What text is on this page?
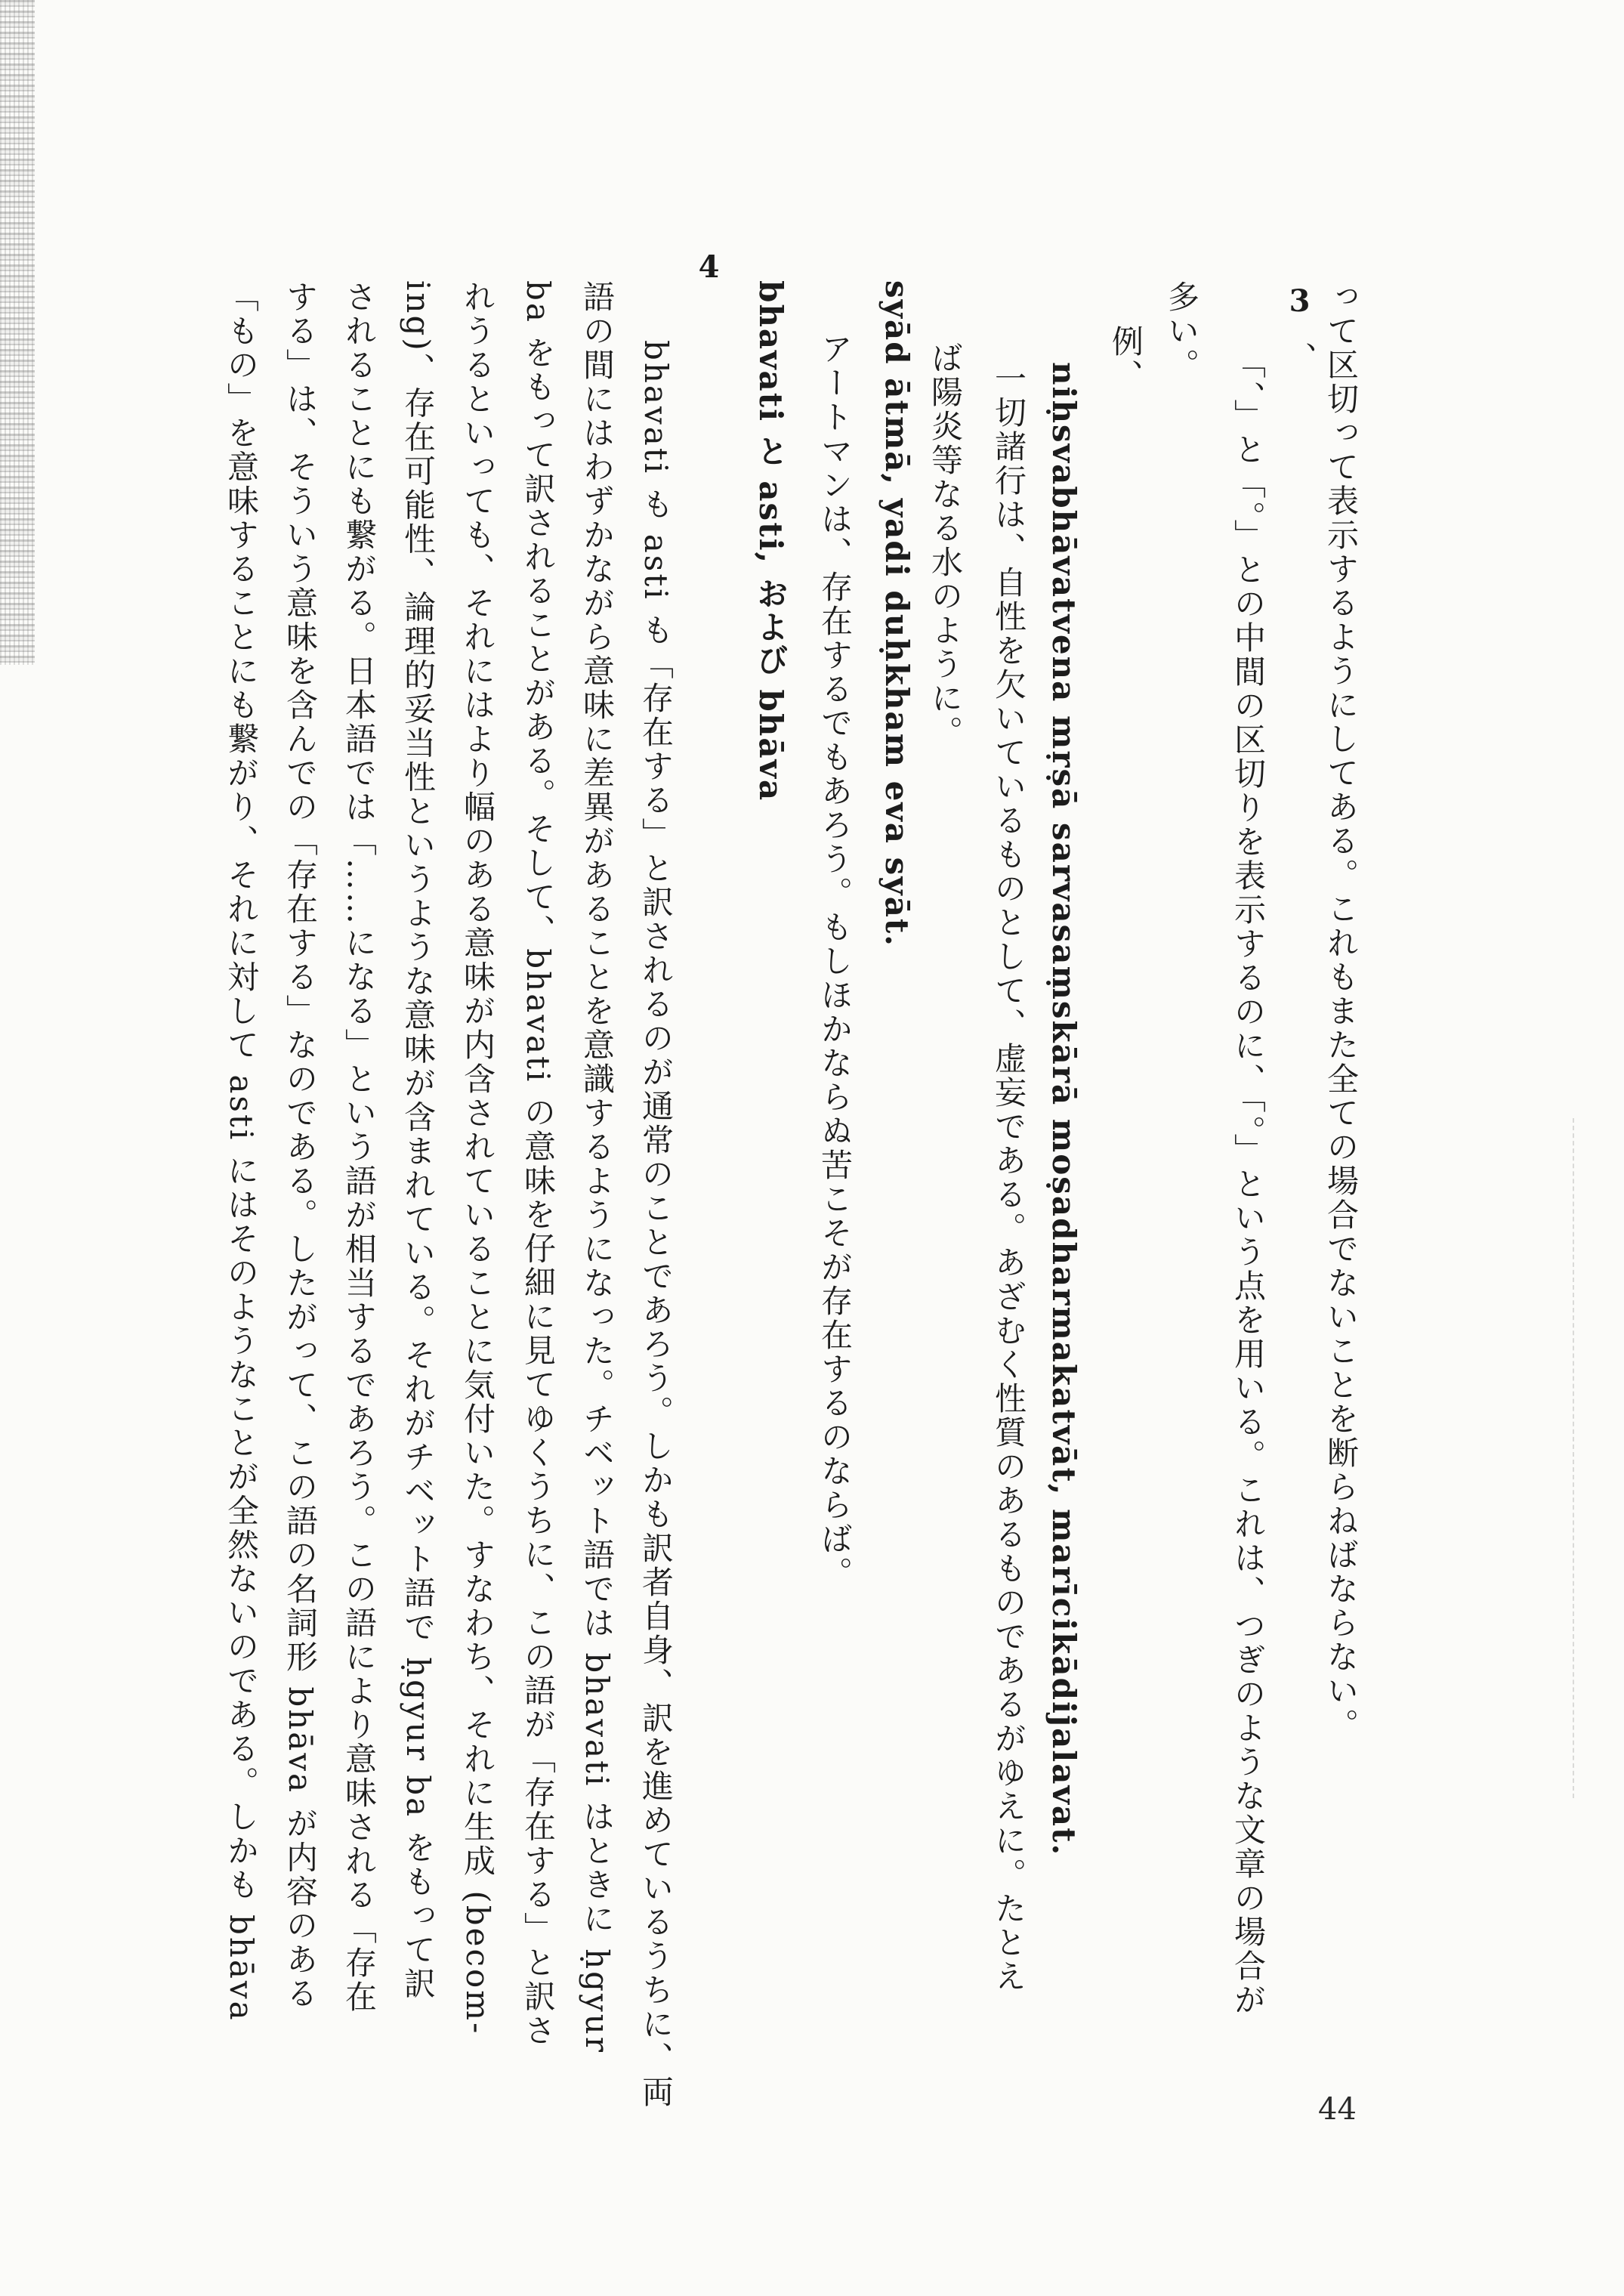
って区切って表示するようにしてある。これもまた全ての場合でないことを断らねばならない。
3
、
「、」と「。」との中間の区切りを表示するのに、「。」という点を用いる。これは、つぎのような文章の場合が
多い。
例、
niḥsvabhāvatvena mṛṣā sarvasaṃskārā moṣadharmakatvāt, marīcikādijalavat.
一切諸行は、自性を欠いているものとして、虚妄である。あざむく性質のあるものであるがゆえに。たとえ
ば陽炎等なる水のように。
syād ātmā, yadi duḥkham eva syāt.
アートマンは、存在するでもあろう。もしほかならぬ苦こそが存在するのならば。
bhavati と asti, および bhāva
4
bhavati も asti も「存在する」と訳されるのが通常のことであろう。しかも訳者自身、訳を進めているうちに、両
語の間にはわずかながら意味に差異があることを意識するようになった。チベット語では bhavati はときに ḥgyur
ba をもって訳されることがある。そして、bhavati の意味を仔細に見てゆくうちに、この語が「存在する」と訳さ
れうるといっても、それにはより幅のある意味が内含されていることに気付いた。すなわち、それに生成 (becom-
ing)、存在可能性、論理的妥当性というような意味が含まれている。それがチベット語で ḥgyur ba をもって訳
されることにも繋がる。日本語では「……になる」という語が相当するであろう。この語により意味される「存在
する」は、そういう意味を含んでの「存在する」なのである。したがって、この語の名詞形 bhāva が内容のある
「もの」を意味することにも繋がり、それに対して asti にはそのようなことが全然ないのである。しかも bhāva
44
